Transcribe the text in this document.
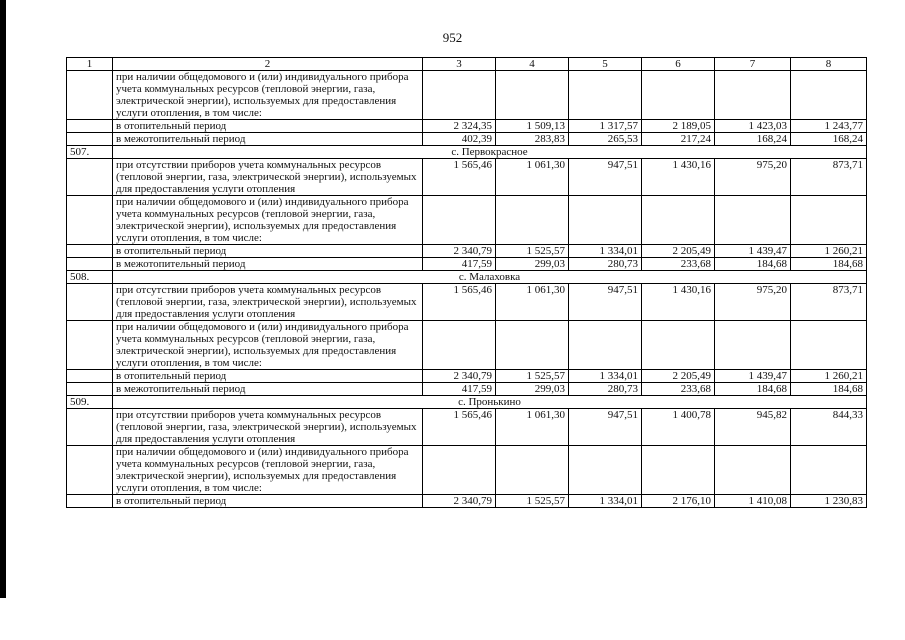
952
1	2	3	4	5	6	7	8
	при наличии общедомового и (или) индивидуального прибора учета коммунальных ресурсов (тепловой энергии, газа, электрической энергии), используемых для предоставления услуги отопления, в том числе:						
	в отопительный период	2 324,35	1 509,13	1 317,57	2 189,05	1 423,03	1 243,77
	в межотопительный период	402,39	283,83	265,53	217,24	168,24	168,24
507.	с. Первокрасное						
	при отсутствии приборов учета коммунальных ресурсов (тепловой энергии, газа, электрической энергии), используемых для предоставления услуги отопления	1 565,46	1 061,30	947,51	1 430,16	975,20	873,71
	при наличии общедомового и (или) индивидуального прибора учета коммунальных ресурсов (тепловой энергии, газа, электрической энергии), используемых для предоставления услуги отопления, в том числе:						
	в отопительный период	2 340,79	1 525,57	1 334,01	2 205,49	1 439,47	1 260,21
	в межотопительный период	417,59	299,03	280,73	233,68	184,68	184,68
508.	с. Малаховка						
	при отсутствии приборов учета коммунальных ресурсов (тепловой энергии, газа, электрической энергии), используемых для предоставления услуги отопления	1 565,46	1 061,30	947,51	1 430,16	975,20	873,71
	при наличии общедомового и (или) индивидуального прибора учета коммунальных ресурсов (тепловой энергии, газа, электрической энергии), используемых для предоставления услуги отопления, в том числе:						
	в отопительный период	2 340,79	1 525,57	1 334,01	2 205,49	1 439,47	1 260,21
	в межотопительный период	417,59	299,03	280,73	233,68	184,68	184,68
509.	с. Пронькино						
	при отсутствии приборов учета коммунальных ресурсов (тепловой энергии, газа, электрической энергии), используемых для предоставления услуги отопления	1 565,46	1 061,30	947,51	1 400,78	945,82	844,33
	при наличии общедомового и (или) индивидуального прибора учета коммунальных ресурсов (тепловой энергии, газа, электрической энергии), используемых для предоставления услуги отопления, в том числе:						
	в отопительный период	2 340,79	1 525,57	1 334,01	2 176,10	1 410,08	1 230,83
